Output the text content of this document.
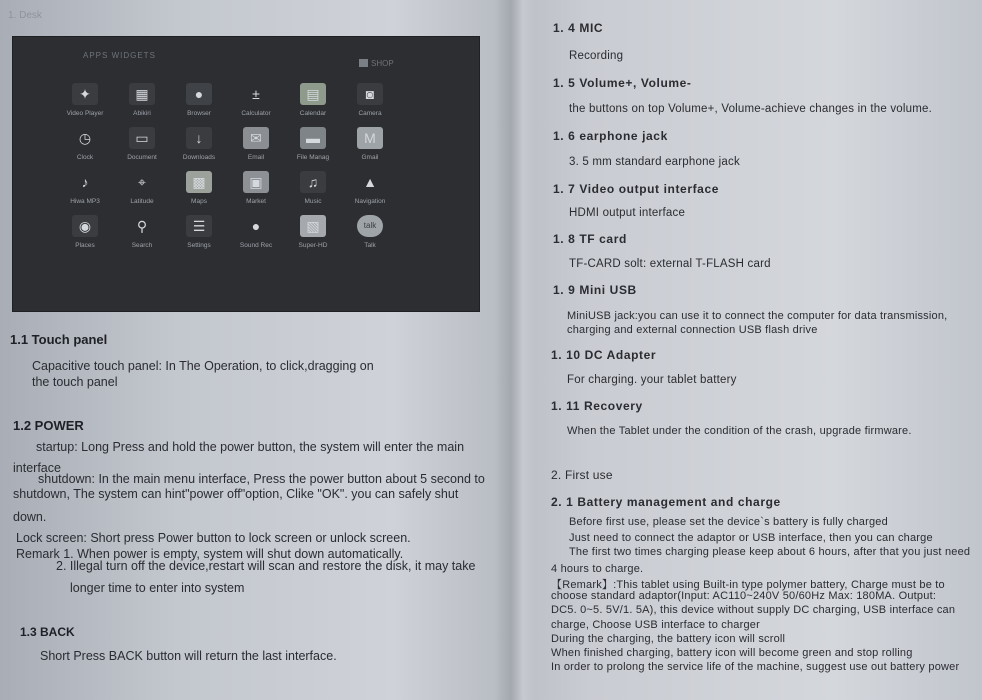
1. Desk
APPS WIDGETS
SHOP
✦
Video Player
▦
Abikiri
●
Browser
±
Calculator
▤
Calendar
◙
Camera
◷
Clock
▭
Document
↓
Downloads
✉
Email
▬
File Manag
M
Gmail
♪
Hiwa MP3
⌖
Latitude
▩
Maps
▣
Market
♫
Music
▲
Navigation
◉
Places
⚲
Search
☰
Settings
●
Sound Rec
▧
Super-HD
talk
Talk
1.1 Touch panel
Capacitive touch panel: In The Operation, to click,dragging on
the touch panel
1.2 POWER
startup: Long Press and hold the power button, the system will enter the main
interface
shutdown: In the main menu interface, Press the power button about 5 second to
shutdown, The system can hint"power off"option, Clike "OK". you can safely shut
down.
Lock screen: Short press Power button to lock screen or unlock screen.
Remark 1. When power is empty, system will shut down automatically.
2. Illegal turn off the device,restart will scan and restore the disk, it may take
longer time to enter into system
1.3 BACK
Short Press BACK button will return the last interface.
1. 4 MIC
Recording
1. 5 Volume+, Volume-
the buttons on top Volume+, Volume-achieve changes in the volume.
1. 6 earphone jack
3. 5 mm standard earphone jack
1. 7 Video output interface
HDMI output interface
1. 8 TF card
TF-CARD solt: external T-FLASH card
1. 9 Mini USB
MiniUSB jack:you can use it to connect the computer for data transmission,
charging and external connection USB flash drive
1. 10 DC Adapter
For charging. your tablet battery
1. 11 Recovery
When the Tablet under the condition of the crash, upgrade firmware.
2. First use
2. 1 Battery management and charge
Before first use, please set the device`s battery is fully charged
Just need to connect the adaptor or USB interface, then you can charge
The first two times charging please keep about 6 hours, after that you just need
4 hours to charge.
【Remark】:This tablet using Built-in type polymer battery, Charge must be to
choose standard adaptor(Input: AC110~240V 50/60Hz Max: 180MA. Output:
DC5. 0~5. 5V/1. 5A), this device without supply DC charging, USB interface can
charge, Choose USB interface to charger
During the charging, the battery icon will scroll
When finished charging, battery icon will become green and stop rolling
In order to prolong the service life of the machine, suggest use out battery power
